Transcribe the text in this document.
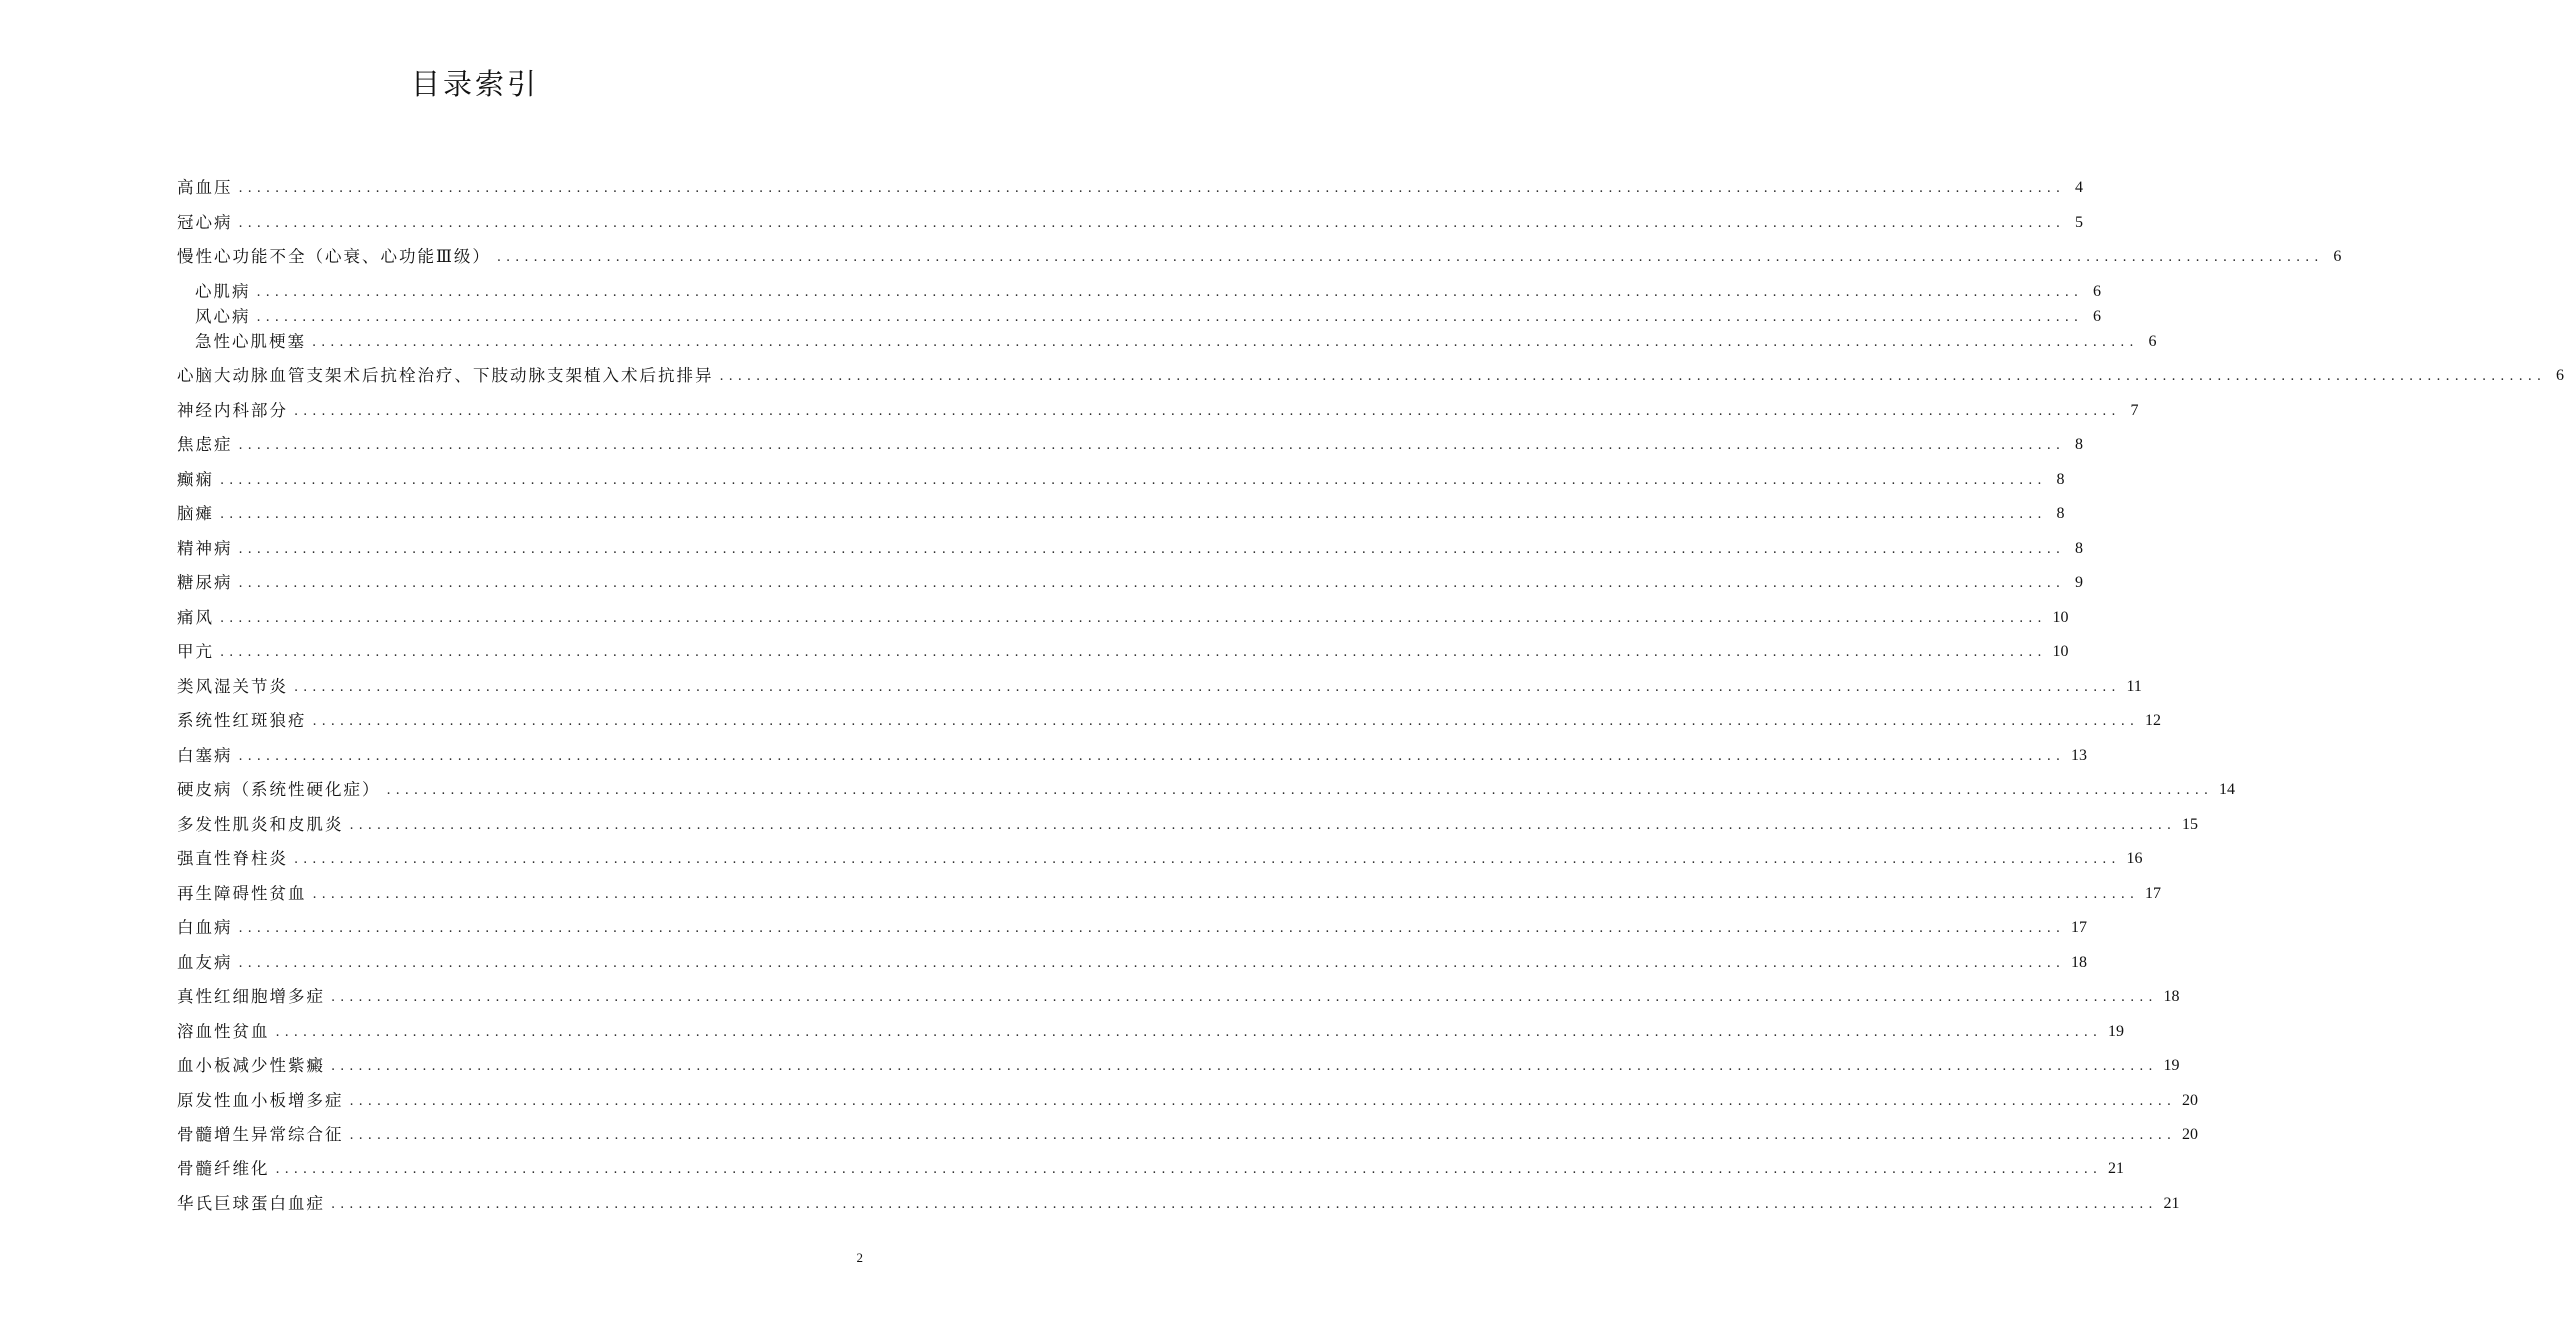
目录索引
高血压 ........................................................................................................................................................................................................ 4
冠心病 ........................................................................................................................................................................................................ 5
慢性心功能不全（心衰、心功能Ⅲ级） ........................................................................................................................................................................................................ 6
心肌病 ........................................................................................................................................................................................................ 6
风心病 ........................................................................................................................................................................................................ 6
急性心肌梗塞 ........................................................................................................................................................................................................ 6
心脑大动脉血管支架术后抗栓治疗、下肢动脉支架植入术后抗排异 ........................................................................................................................................................................................................ 6
神经内科部分 ........................................................................................................................................................................................................ 7
焦虑症 ........................................................................................................................................................................................................ 8
癫痫 ........................................................................................................................................................................................................ 8
脑瘫 ........................................................................................................................................................................................................ 8
精神病 ........................................................................................................................................................................................................ 8
糖尿病 ........................................................................................................................................................................................................ 9
痛风 ........................................................................................................................................................................................................ 10
甲亢 ........................................................................................................................................................................................................ 10
类风湿关节炎 ........................................................................................................................................................................................................ 11
系统性红斑狼疮 ........................................................................................................................................................................................................ 12
白塞病 ........................................................................................................................................................................................................ 13
硬皮病（系统性硬化症） ........................................................................................................................................................................................................ 14
多发性肌炎和皮肌炎 ........................................................................................................................................................................................................ 15
强直性脊柱炎 ........................................................................................................................................................................................................ 16
再生障碍性贫血 ........................................................................................................................................................................................................ 17
白血病 ........................................................................................................................................................................................................ 17
血友病 ........................................................................................................................................................................................................ 18
真性红细胞增多症 ........................................................................................................................................................................................................ 18
溶血性贫血 ........................................................................................................................................................................................................ 19
血小板减少性紫癜 ........................................................................................................................................................................................................ 19
原发性血小板增多症 ........................................................................................................................................................................................................ 20
骨髓增生异常综合征 ........................................................................................................................................................................................................ 20
骨髓纤维化 ........................................................................................................................................................................................................ 21
华氏巨球蛋白血症 ........................................................................................................................................................................................................ 21
2
